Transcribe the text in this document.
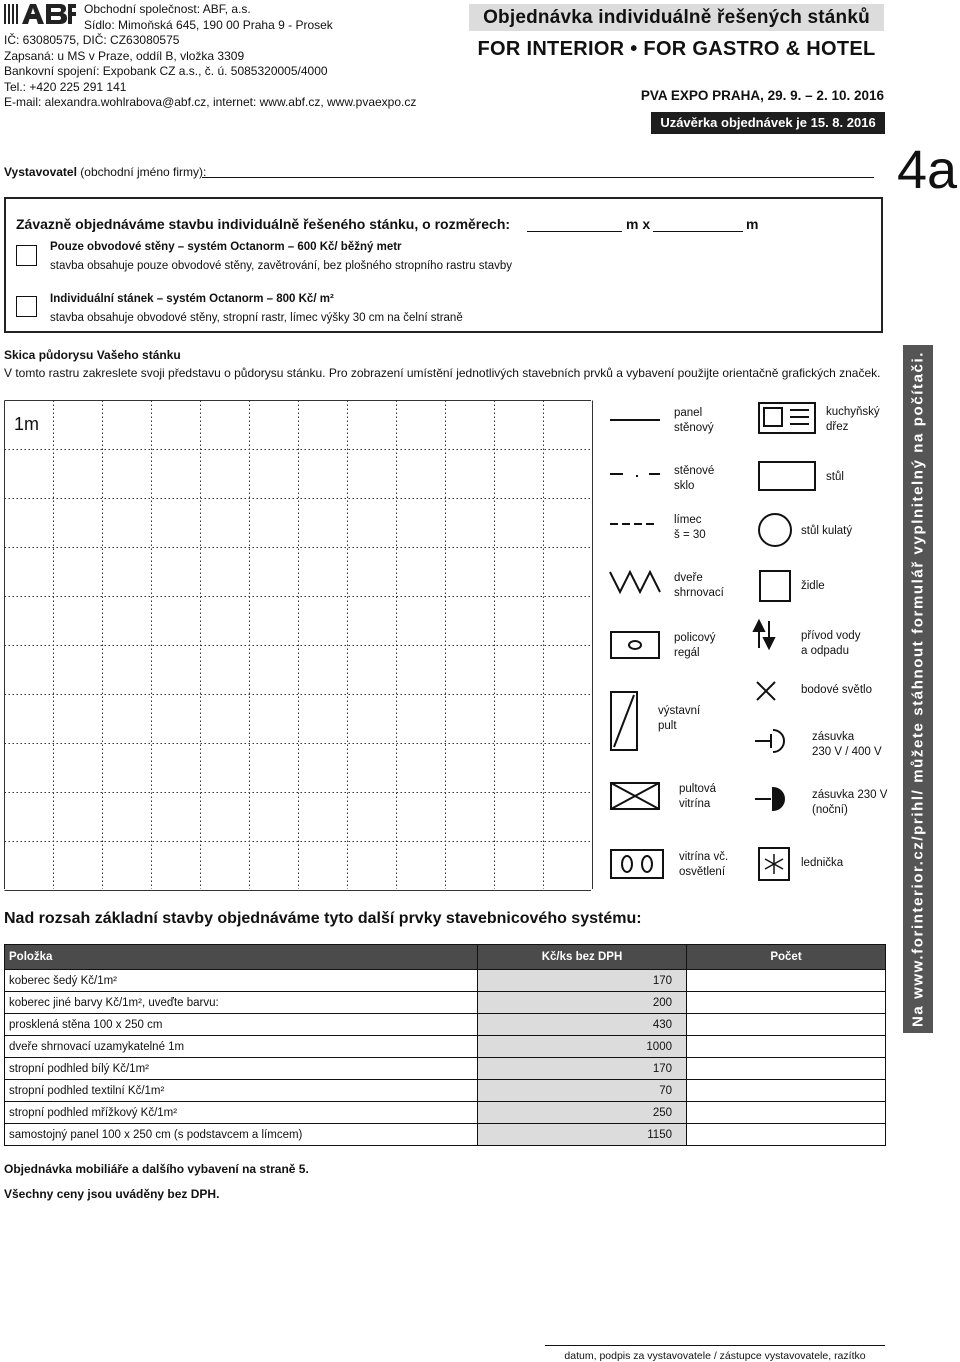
Obchodní společnost: ABF, a.s.
Sídlo: Mimoňská 645, 190 00 Praha 9 - Prosek
IČ: 63080575, DIČ: CZ63080575
Zapsaná: u MS v Praze, oddíl B, vložka 3309
Bankovní spojení: Expobank CZ a.s., č. ú. 5085320005/4000
Tel.: +420 225 291 141
E-mail: alexandra.wohlrabova@abf.cz, internet: www.abf.cz, www.pvaexpo.cz
Objednávka individuálně řešených stánků
FOR INTERIOR • FOR GASTRO & HOTEL
PVA EXPO PRAHA, 29. 9. – 2. 10. 2016
Uzávěrka objednávek je 15. 8. 2016
4a
Vystavovatel (obchodní jméno firmy):
Závazně objednáváme stavbu individuálně řešeného stánku, o rozměrech:	m x	m
Pouze obvodové stěny – systém Octanorm – 600 Kč/ běžný metr
stavba obsahuje pouze obvodové stěny, zavětrování, bez plošného stropního rastru stavby
Individuální stánek – systém Octanorm – 800 Kč/ m²
stavba obsahuje obvodové stěny, stropní rastr, límec výšky 30 cm na čelní straně
Skica půdorysu Vašeho stánku
V tomto rastru zakreslete svoji představu o půdorysu stánku. Pro zobrazení umístění jednotlivých stavebních prvků a vybavení použijte orientačně grafických značek.
1m
panel
stěnový
stěnové
sklo
límec
š = 30
dveře
shrnovací
policový
regál
výstavní
pult
pultová
vitrína
vitrína vč.
osvětlení
kuchyňský
dřez
stůl
stůl kulatý
židle
přívod vody
a odpadu
bodové světlo
zásuvka
230 V / 400 V
zásuvka 230 V
(noční)
lednička
Nad rozsah základní stavby objednáváme tyto další prvky stavebnicového systému:
Položka	Kč/ks bez DPH	Počet
koberec šedý Kč/1m²	170	
koberec jiné barvy Kč/1m², uveďte barvu:	200	
prosklená stěna 100 x 250 cm	430	
dveře shrnovací uzamykatelné 1m	1000	
stropní podhled bílý Kč/1m²	170	
stropní podhled textilní Kč/1m²	70	
stropní podhled mřížkový Kč/1m²	250	
samostojný panel 100 x 250 cm (s podstavcem a límcem)	1150	
Objednávka mobiliáře a dalšího vybavení na straně 5.
Všechny ceny jsou uváděny bez DPH.
Na www.forinterior.cz/prihl/ můžete stáhnout formulář vyplnitelný na počítači.
datum, podpis za vystavovatele / zástupce vystavovatele, razítko
